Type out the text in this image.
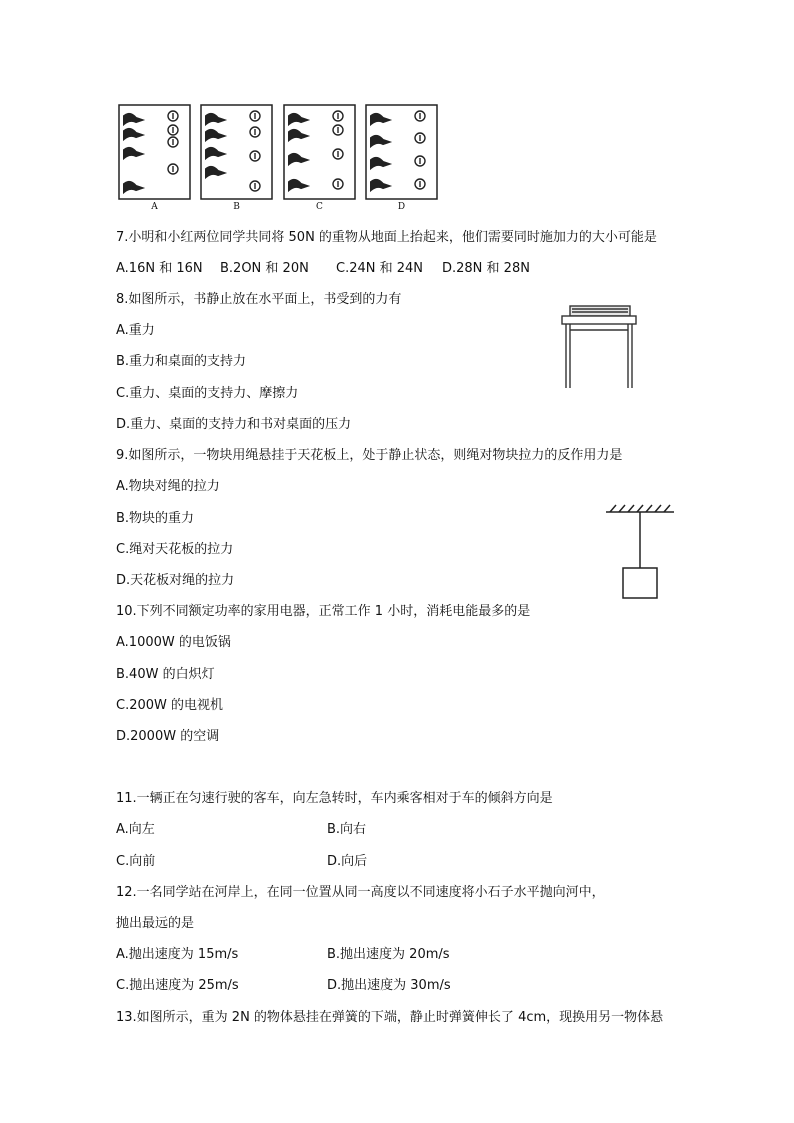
A	B	C	D
7.小明和小红两位同学共同将 50N 的重物从地面上抬起来，他们需要同时施加力的大小可能是
A.16N 和 16N B.2ON 和 20N C.24N 和 24N D.28N 和 28N
8.如图所示，书静止放在水平面上，书受到的力有
A.重力
B.重力和桌面的支持力
C.重力、桌面的支持力、摩擦力
D.重力、桌面的支持力和书对桌面的压力
9.如图所示，一物块用绳悬挂于天花板上，处于静止状态，则绳对物块拉力的反作用力是
A.物块对绳的拉力
B.物块的重力
C.绳对天花板的拉力
D.天花板对绳的拉力
10.下列不同额定功率的家用电器，正常工作 1 小时，消耗电能最多的是
A.1000W 的电饭锅
B.40W 的白炽灯
C.200W 的电视机
D.2000W 的空调
11.一辆正在匀速行驶的客车，向左急转时，车内乘客相对于车的倾斜方向是
A.向左	B.向右
C.向前	D.向后
12.一名同学站在河岸上，在同一位置从同一高度以不同速度将小石子水平抛向河中，
抛出最远的是
A.抛出速度为 15m/s	B.抛出速度为 20m/s
C.抛出速度为 25m/s	D.抛出速度为 30m/s
13.如图所示，重为 2N 的物体悬挂在弹簧的下端，静止时弹簧伸长了 4cm，现换用另一物体悬
